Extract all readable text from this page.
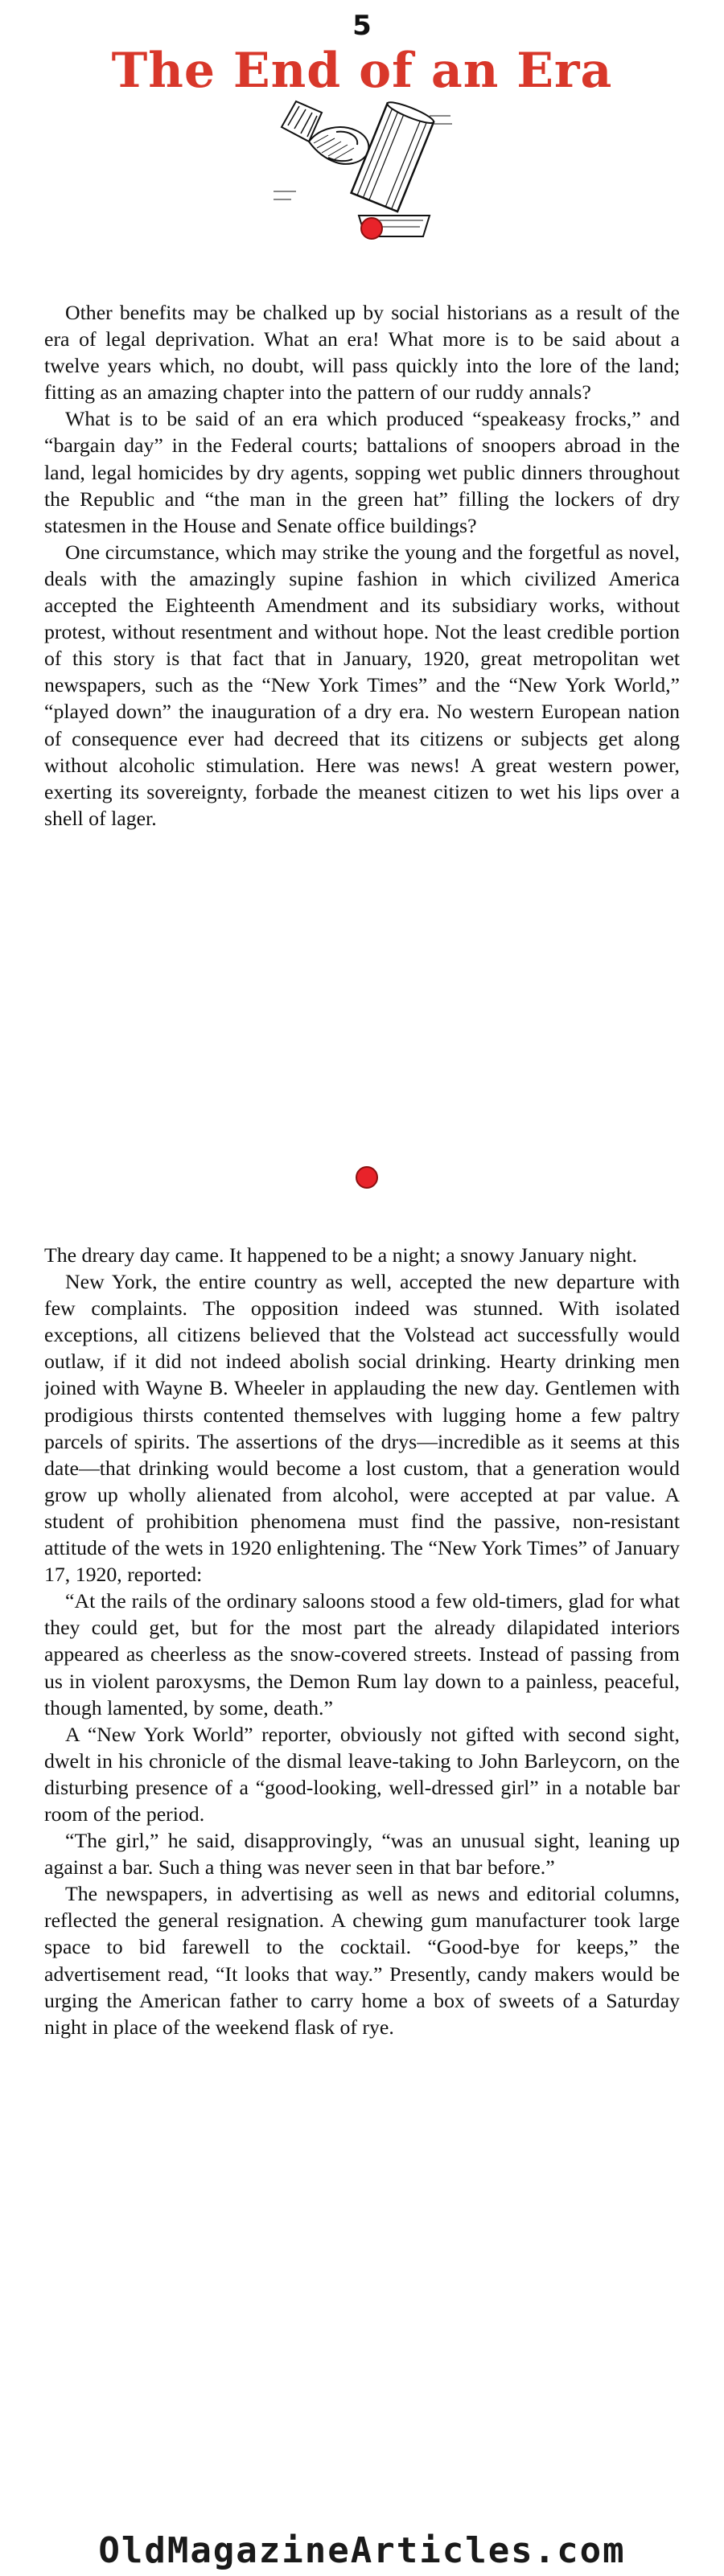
5
The End of an Era

Other benefits may be chalked up by social historians as a result of the era of legal deprivation. What an era! What more is to be said about a twelve years which, no doubt, will pass quickly into the lore of the land; fitting as an amazing chapter into the pattern of our ruddy annals?

What is to be said of an era which produced “speakeasy frocks,” and “bargain day” in the Federal courts; battalions of snoopers abroad in the land, legal homicides by dry agents, sopping wet public dinners throughout the Republic and “the man in the green hat” filling the lockers of dry statesmen in the House and Senate office buildings?

One circumstance, which may strike the young and the forgetful as novel, deals with the amazingly supine fashion in which civilized America accepted the Eighteenth Amendment and its subsidiary works, without protest, without resentment and without hope. Not the least credible portion of this story is that fact that in January, 1920, great metropolitan wet newspapers, such as the “New York Times” and the “New York World,” “played down” the inauguration of a dry era. No western European nation of consequence ever had decreed that its citizens or subjects get along without alcoholic stimulation. Here was news! A great western power, exerting its sovereignty, forbade the meanest citizen to wet his lips over a shell of lager.

The dreary day came. It happened to be a night; a snowy January night.

New York, the entire country as well, accepted the new departure with few complaints. The opposition indeed was stunned. With isolated exceptions, all citizens believed that the Volstead act successfully would outlaw, if it did not indeed abolish social drinking. Hearty drinking men joined with Wayne B. Wheeler in applauding the new day. Gentlemen with prodigious thirsts contented themselves with lugging home a few paltry parcels of spirits. The assertions of the drys—incredible as it seems at this date—that drinking would become a lost custom, that a generation would grow up wholly alienated from alcohol, were accepted at par value. A student of prohibition phenomena must find the passive, non-resistant attitude of the wets in 1920 enlightening. The “New York Times” of January 17, 1920, reported:

“At the rails of the ordinary saloons stood a few old-timers, glad for what they could get, but for the most part the already dilapidated interiors appeared as cheerless as the snow-covered streets. Instead of passing from us in violent paroxysms, the Demon Rum lay down to a painless, peaceful, though lamented, by some, death.”

A “New York World” reporter, obviously not gifted with second sight, dwelt in his chronicle of the dismal leave-taking to John Barleycorn, on the disturbing presence of a “good-looking, well-dressed girl” in a notable bar room of the period.

“The girl,” he said, disapprovingly, “was an unusual sight, leaning up against a bar. Such a thing was never seen in that bar before.”

The newspapers, in advertising as well as news and editorial columns, reflected the general resignation. A chewing gum manufacturer took large space to bid farewell to the cocktail. “Good-bye for keeps,” the advertisement read, “It looks that way.” Presently, candy makers would be urging the American father to carry home a box of sweets of a Saturday night in place of the weekend flask of rye.

OldMagazineArticles.com
